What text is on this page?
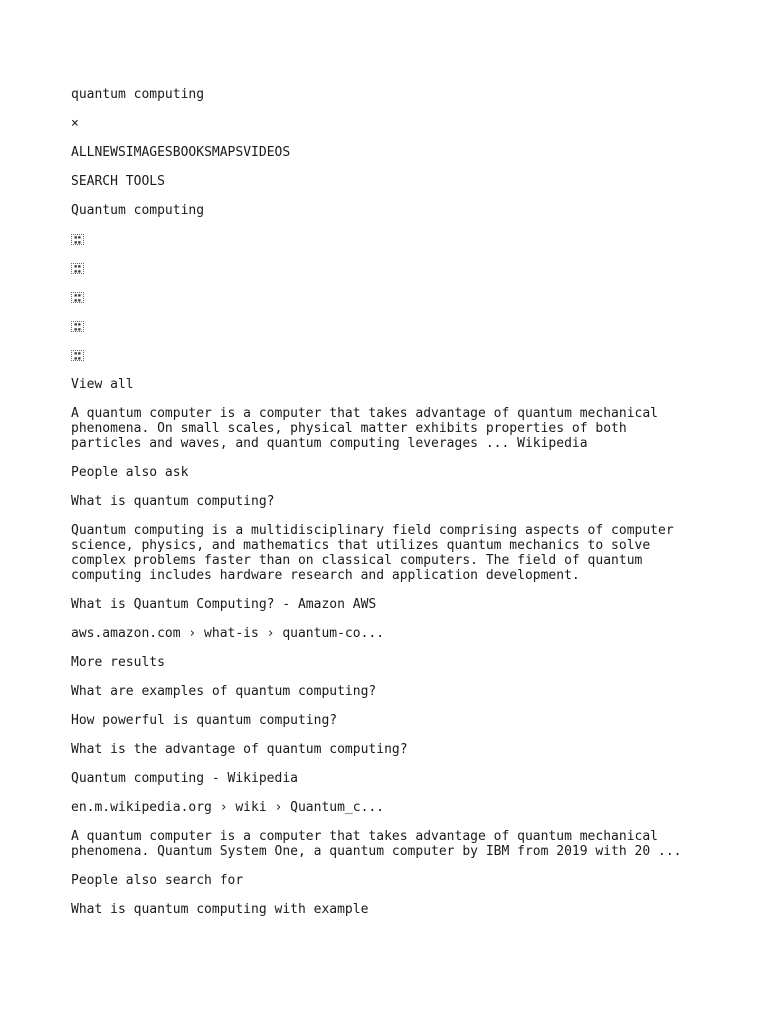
quantum computing

×

ALLNEWSIMAGESBOOKSMAPSVIDEOS

SEARCH TOOLS

Quantum computing

▪▪
▪▪
▪▪
▪▪
▪▪
▪▪
▪▪
▪▪
▪▪
▪▪

View all

A quantum computer is a computer that takes advantage of quantum mechanical phenomena. On small scales, physical matter exhibits properties of both particles and waves, and quantum computing leverages ... Wikipedia

People also ask

What is quantum computing?

Quantum computing is a multidisciplinary field comprising aspects of computer science, physics, and mathematics that utilizes quantum mechanics to solve complex problems faster than on classical computers. The field of quantum computing includes hardware research and application development.

What is Quantum Computing? - Amazon AWS

aws.amazon.com › what-is › quantum-co...

More results

What are examples of quantum computing?

How powerful is quantum computing?

What is the advantage of quantum computing?

Quantum computing - Wikipedia

en.m.wikipedia.org › wiki › Quantum_c...

A quantum computer is a computer that takes advantage of quantum mechanical phenomena. Quantum System One, a quantum computer by IBM from 2019 with 20 ...

People also search for

What is quantum computing with example
